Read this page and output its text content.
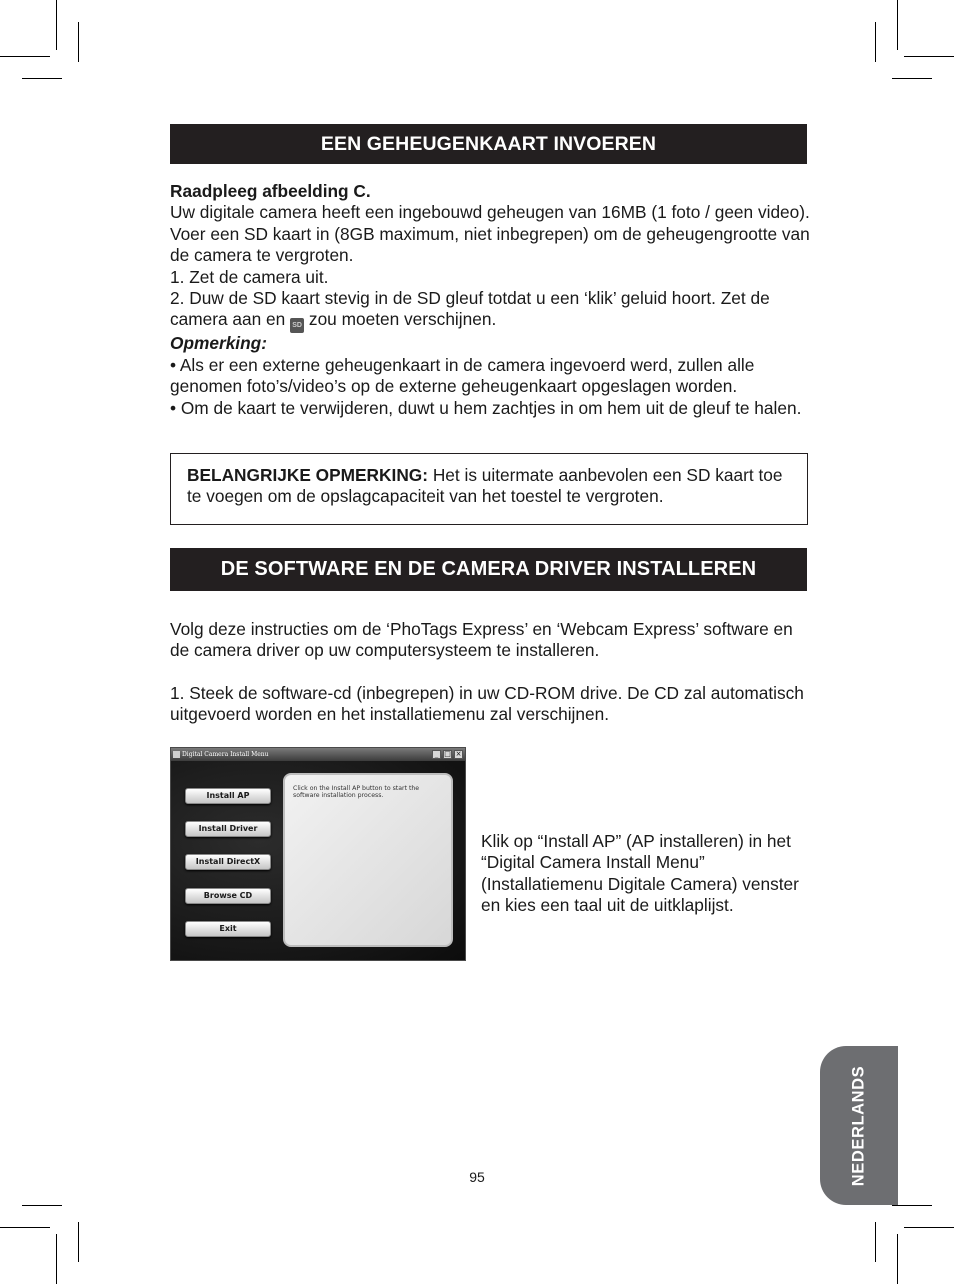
EEN GEHEUGENKAART INVOEREN

Raadpleeg afbeelding C.

Uw digitale camera heeft een ingebouwd geheugen van 16MB (1 foto / geen video). Voer een SD kaart in (8GB maximum, niet inbegrepen) om de geheugengrootte van de camera te vergroten.

1. Zet de camera uit.

2. Duw de SD kaart stevig in de SD gleuf totdat u een ‘klik’ geluid hoort. Zet de camera aan en SD zou moeten verschijnen.

Opmerking:

• Als er een externe geheugenkaart in de camera ingevoerd werd, zullen alle genomen foto’s/video’s op de externe geheugenkaart opgeslagen worden.

• Om de kaart te verwijderen, duwt u hem zachtjes in om hem uit de gleuf te halen.

BELANGRIJKE OPMERKING: Het is uitermate aanbevolen een SD kaart toe te voegen om de opslagcapaciteit van het toestel te vergroten.

DE SOFTWARE EN DE CAMERA DRIVER INSTALLEREN

Volg deze instructies om de ‘PhoTags Express’ en ‘Webcam Express’ software en de camera driver op uw computersysteem te installeren.

1. Steek de software-cd (inbegrepen) in uw CD-ROM drive. De CD zal automatisch uitgevoerd worden en het installatiemenu zal verschijnen.

Digital Camera Install Menu	_ □ ×
Install AP
Install Driver
Install DirectX
Browse CD
Exit

Click on the Install AP button to start the software installation process.

Klik op “Install AP” (AP installeren) in het “Digital Camera Install Menu” (Installatiemenu Digitale Camera) venster en kies een taal uit de uitklaplijst.

95	NEDERLANDS
